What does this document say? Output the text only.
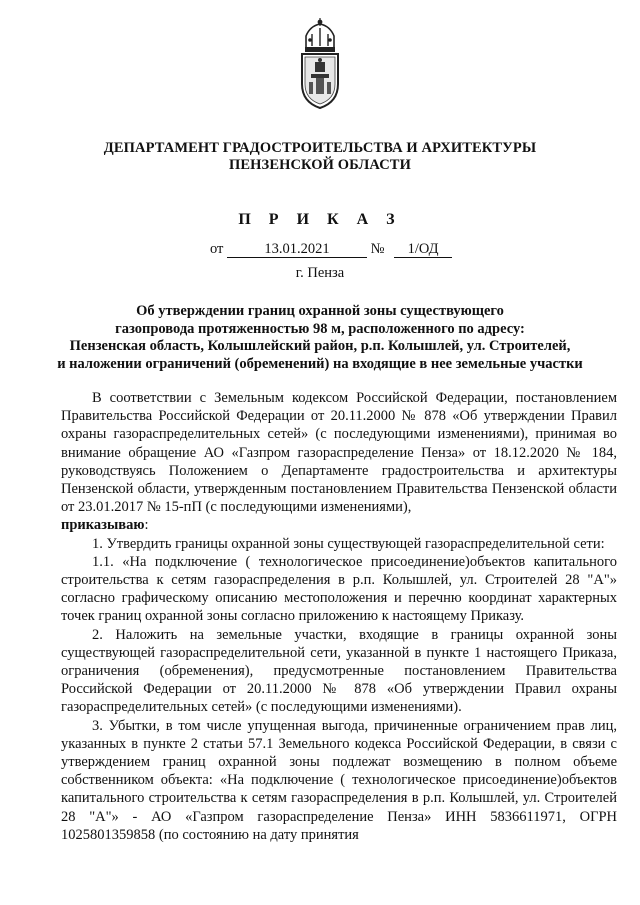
ДЕПАРТАМЕНТ ГРАДОСТРОИТЕЛЬСТВА И АРХИТЕКТУРЫ
ПЕНЗЕНСКОЙ ОБЛАСТИ
П Р И К А З
от	13.01.2021	№ 1/ОД
г. Пенза
Об утверждении границ охранной зоны существующего
газопровода протяженностью 98 м, расположенного по адресу:
Пензенская область, Колышлейский район, р.п. Колышлей, ул. Строителей,
и наложении ограничений (обременений) на входящие в нее земельные участки

В соответствии с Земельным кодексом Российской Федерации, постановлением Правительства Российской Федерации от 20.11.2000 № 878 «Об утверждении Правил охраны газораспределительных сетей» (с последующими изменениями), принимая во внимание обращение АО «Газпром газораспределение Пенза» от 18.12.2020 № 184, руководствуясь Положением о Департаменте градостроительства и архитектуры Пензенской области, утвержденным постановлением Правительства Пензенской области от 23.01.2017 № 15-пП (с последующими изменениями),

приказываю:

1. Утвердить границы охранной зоны существующей газораспределительной сети:

1.1. «На подключение ( технологическое присоединение)объектов капитального строительства к сетям газораспределения в р.п. Колышлей, ул. Строителей 28 "А"» согласно графическому описанию местоположения и перечню координат характерных точек границ охранной зоны согласно приложению к настоящему Приказу.

2. Наложить на земельные участки, входящие в границы охранной зоны существующей газораспределительной сети, указанной в пункте 1 настоящего Приказа, ограничения (обременения), предусмотренные постановлением Правительства Российской Федерации от 20.11.2000 № 878 «Об утверждении Правил охраны газораспределительных сетей» (с последующими изменениями).

3. Убытки, в том числе упущенная выгода, причиненные ограничением прав лиц, указанных в пункте 2 статьи 57.1 Земельного кодекса Российской Федерации, в связи с утверждением границ охранной зоны подлежат возмещению в полном объеме собственником объекта: «На подключение ( технологическое присоединение)объектов капитального строительства к сетям газораспределения в р.п. Колышлей, ул. Строителей 28 "А"» - АО «Газпром газораспределение Пенза» ИНН 5836611971, ОГРН 1025801359858 (по состоянию на дату принятия
